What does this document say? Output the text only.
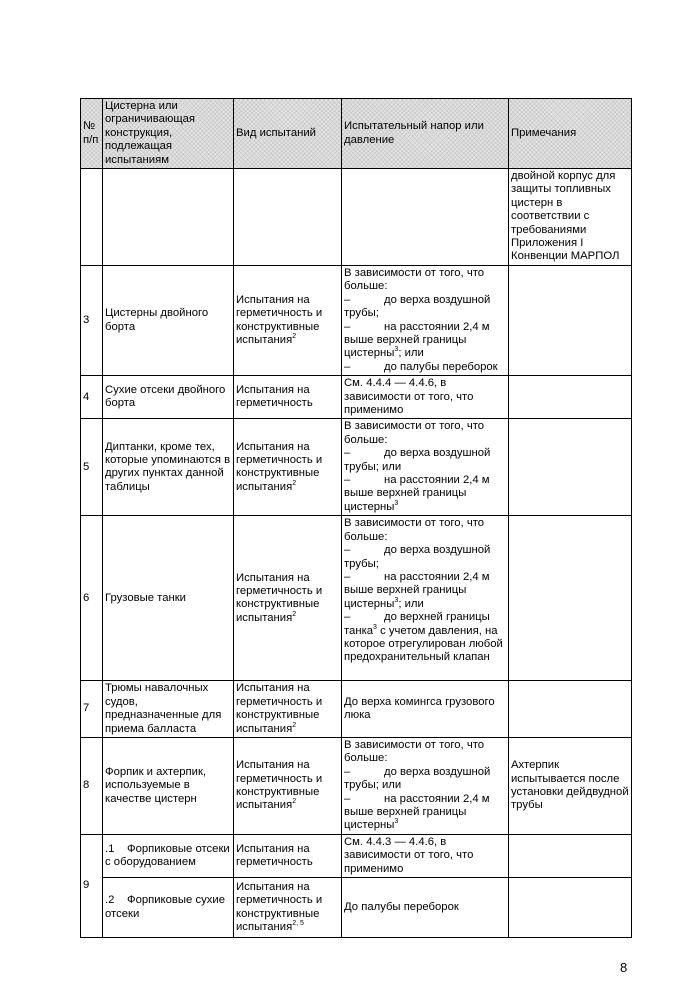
№ п/п	Цистерна или ограничивающая конструкция, подлежащая испытаниям	Вид испытаний	Испытательный напор или давление	Примечания
				двойной корпус для защиты топливных цистерн в соответствии с требованиями Приложения I Конвенции МАРПОЛ
3	Цистерны двойного борта	Испытания на герметичность и конструктивные испытания$^2$	В зависимости от того, что больше:
– до верха воздушной трубы;
– на расстоянии 2,4 м выше верхней границы цистерны$^3$; или
– до палубы переборок	

4	Сухие отсеки двойного борта	Испытания на герметичность	См. 4.4.4 — 4.4.6, в зависимости от того, что применимо	
5	Диптанки, кроме тех, которые упоминаются в других пунктах данной таблицы	Испытания на герметичность и конструктивные испытания$^2$	В зависимости от того, что больше:
– до верха воздушной трубы; или
– на расстоянии 2,4 м выше верхней границы цистерны$^3$

6	Грузовые танки	Испытания на герметичность и конструктивные испытания$^2$	В зависимости от того, что больше:
– до верха воздушной трубы;
– на расстоянии 2,4 м выше верхней границы цистерны$^3$; или
– до верхней границы танка$^3$ с учетом давления, на которое отрегулирован любой предохранительный клапан	

7	Трюмы навалочных судов, предназначенные для приема балласта	Испытания на герметичность и конструктивные испытания$^2$	До верха комингса грузового люка	
8	Форпик и ахтерпик, используемые в качестве цистерн	Испытания на герметичность и конструктивные испытания$^2$	В зависимости от того, что больше:
– до верха воздушной трубы; или
– на расстоянии 2,4 м выше верхней границы цистерны$^3$	Ахтерпик испытывается после установки дейдвудной трубы
9	.1    Форпиковые отсеки с оборудованием	Испытания на герметичность	См. 4.4.3 — 4.4.6, в зависимости от того, что применимо	
	.2    Форпиковые сухие отсеки	Испытания на герметичность и конструктивные испытания$^{2, 5}$	До палубы переборок	
8
